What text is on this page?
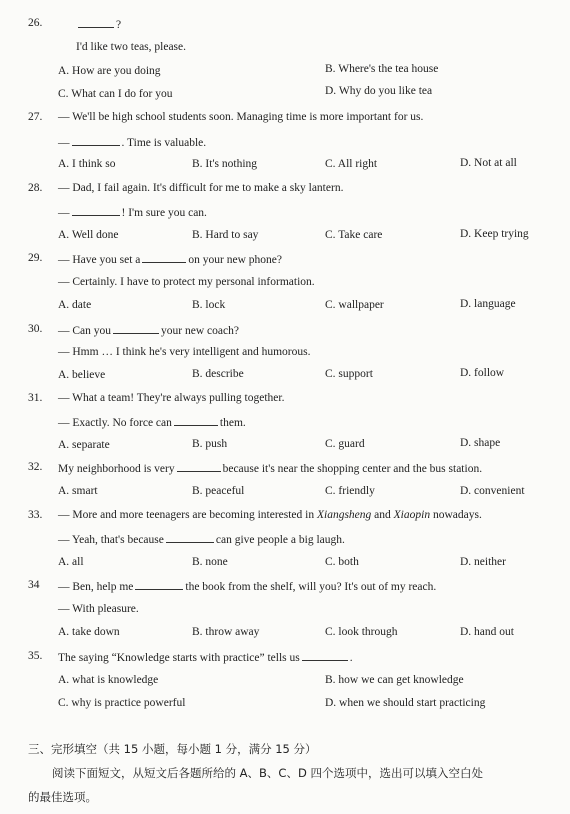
26.	?
I'd like two teas, please.
A. How are you doing	B. Where's the tea house
C. What can I do for you	D. Why do you like tea
27. — We'll be high school students soon. Managing time is more important for us.
—	. Time is valuable.
A. I think so	B. It's nothing	C. All right	D. Not at all
28. — Dad, I fail again. It's difficult for me to make a sky lantern.
—	! I'm sure you can.
A. Well done	B. Hard to say	C. Take care	D. Keep trying
29. — Have you set a	on your new phone?
— Certainly. I have to protect my personal information.
A. date	B. lock	C. wallpaper	D. language
30. — Can you	your new coach?
— Hmm … I think he's very intelligent and humorous.
A. believe	B. describe	C. support	D. follow
31. — What a team! They're always pulling together.
— Exactly. No force can	them.
A. separate	B. push	C. guard	D. shape
32. My neighborhood is very	because it's near the shopping center and the bus station.
A. smart	B. peaceful	C. friendly	D. convenient
33. — More and more teenagers are becoming interested in Xiangsheng and Xiaopin nowadays.
— Yeah, that's because	can give people a big laugh.
A. all	B. none	C. both	D. neither
34 — Ben, help me	the book from the shelf, will you? It's out of my reach.
— With pleasure.
A. take down	B. throw away	C. look through	D. hand out
35. The saying “Knowledge starts with practice” tells us	.
A. what is knowledge	B. how we can get knowledge
C. why is practice powerful	D. when we should start practicing
三、完形填空（共 15 小题，每小题 1 分，满分 15 分）
阅读下面短文，从短文后各题所给的 A、B、C、D 四个选项中，选出可以填入空白处
的最佳选项。
